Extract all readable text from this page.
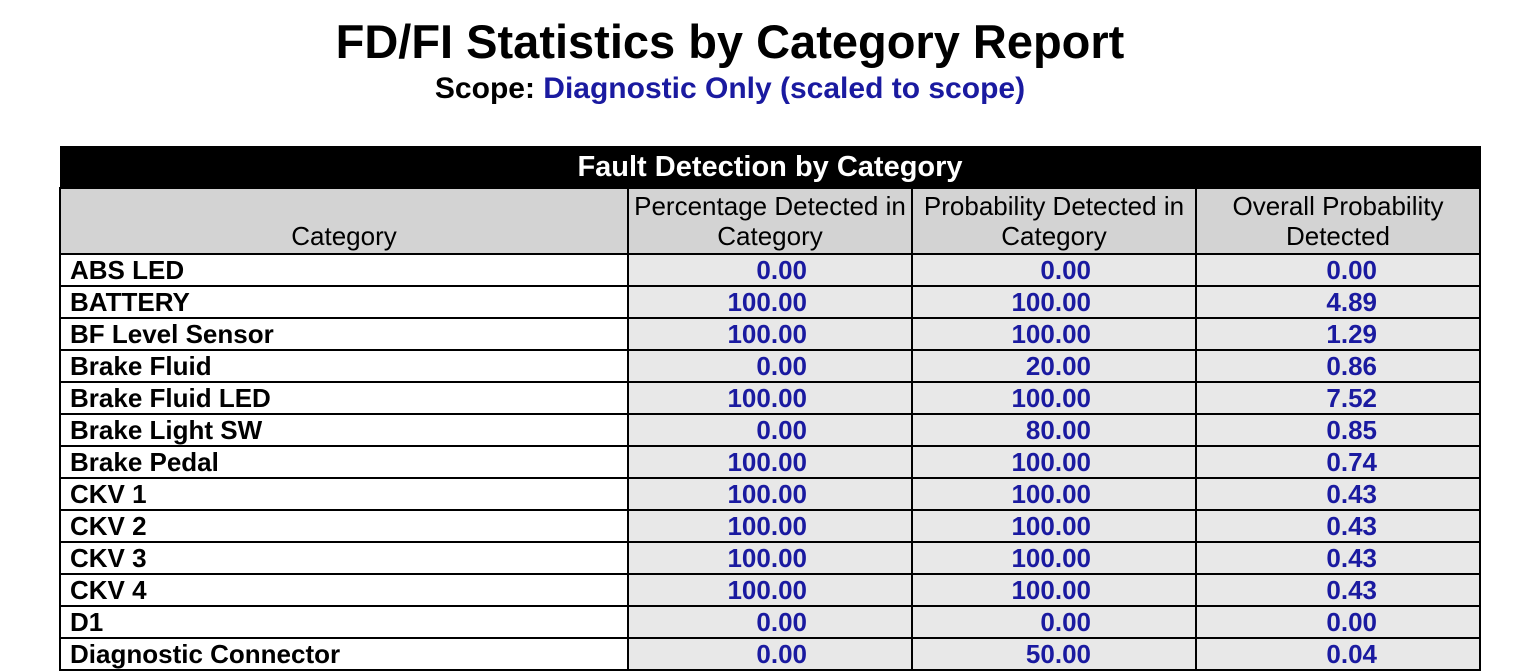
FD/FI Statistics by Category Report
Scope: Diagnostic Only (scaled to scope)
Fault Detection by Category			
Category	Percentage Detected in Category	Probability Detected in Category	Overall Probability Detected
ABS LED	0.00	0.00	0.00
BATTERY	100.00	100.00	4.89
BF Level Sensor	100.00	100.00	1.29
Brake Fluid	0.00	20.00	0.86
Brake Fluid LED	100.00	100.00	7.52
Brake Light SW	0.00	80.00	0.85
Brake Pedal	100.00	100.00	0.74
CKV 1	100.00	100.00	0.43
CKV 2	100.00	100.00	0.43
CKV 3	100.00	100.00	0.43
CKV 4	100.00	100.00	0.43
D1	0.00	0.00	0.00
Diagnostic Connector	0.00	50.00	0.04
